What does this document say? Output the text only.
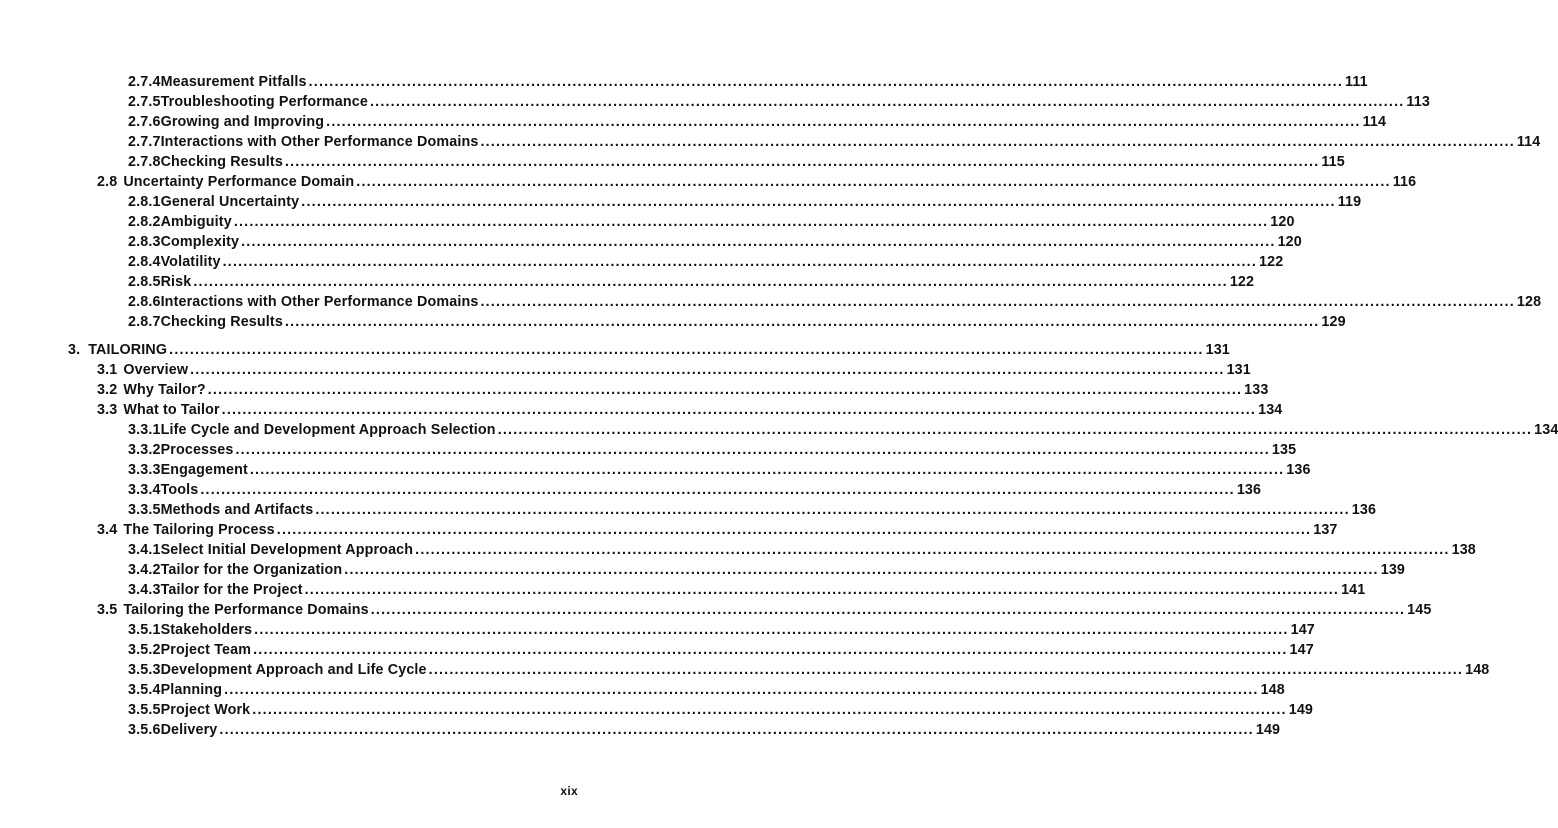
2.7.4 Measurement Pitfalls ........................................................................................................................................................................................................ 111
2.7.5 Troubleshooting Performance ........................................................................................................................................................................................................ 113
2.7.6 Growing and Improving ........................................................................................................................................................................................................ 114
2.7.7 Interactions with Other Performance Domains ........................................................................................................................................................................................................ 114
2.7.8 Checking Results ........................................................................................................................................................................................................ 115
2.8 Uncertainty Performance Domain ........................................................................................................................................................................................................ 116
2.8.1 General Uncertainty ........................................................................................................................................................................................................ 119
2.8.2 Ambiguity ........................................................................................................................................................................................................ 120
2.8.3 Complexity ........................................................................................................................................................................................................ 120
2.8.4 Volatility ........................................................................................................................................................................................................ 122
2.8.5 Risk ........................................................................................................................................................................................................ 122
2.8.6 Interactions with Other Performance Domains ........................................................................................................................................................................................................ 128
2.8.7 Checking Results ........................................................................................................................................................................................................ 129
3. TAILORING ........................................................................................................................................................................................................ 131
3.1 Overview ........................................................................................................................................................................................................ 131
3.2 Why Tailor? ........................................................................................................................................................................................................ 133
3.3 What to Tailor ........................................................................................................................................................................................................ 134
3.3.1 Life Cycle and Development Approach Selection ........................................................................................................................................................................................................ 134
3.3.2 Processes ........................................................................................................................................................................................................ 135
3.3.3 Engagement ........................................................................................................................................................................................................ 136
3.3.4 Tools ........................................................................................................................................................................................................ 136
3.3.5 Methods and Artifacts ........................................................................................................................................................................................................ 136
3.4 The Tailoring Process ........................................................................................................................................................................................................ 137
3.4.1 Select Initial Development Approach ........................................................................................................................................................................................................ 138
3.4.2 Tailor for the Organization ........................................................................................................................................................................................................ 139
3.4.3 Tailor for the Project ........................................................................................................................................................................................................ 141
3.5 Tailoring the Performance Domains ........................................................................................................................................................................................................ 145
3.5.1 Stakeholders ........................................................................................................................................................................................................ 147
3.5.2 Project Team ........................................................................................................................................................................................................ 147
3.5.3 Development Approach and Life Cycle ........................................................................................................................................................................................................ 148
3.5.4 Planning ........................................................................................................................................................................................................ 148
3.5.5 Project Work ........................................................................................................................................................................................................ 149
3.5.6 Delivery ........................................................................................................................................................................................................ 149
xix
